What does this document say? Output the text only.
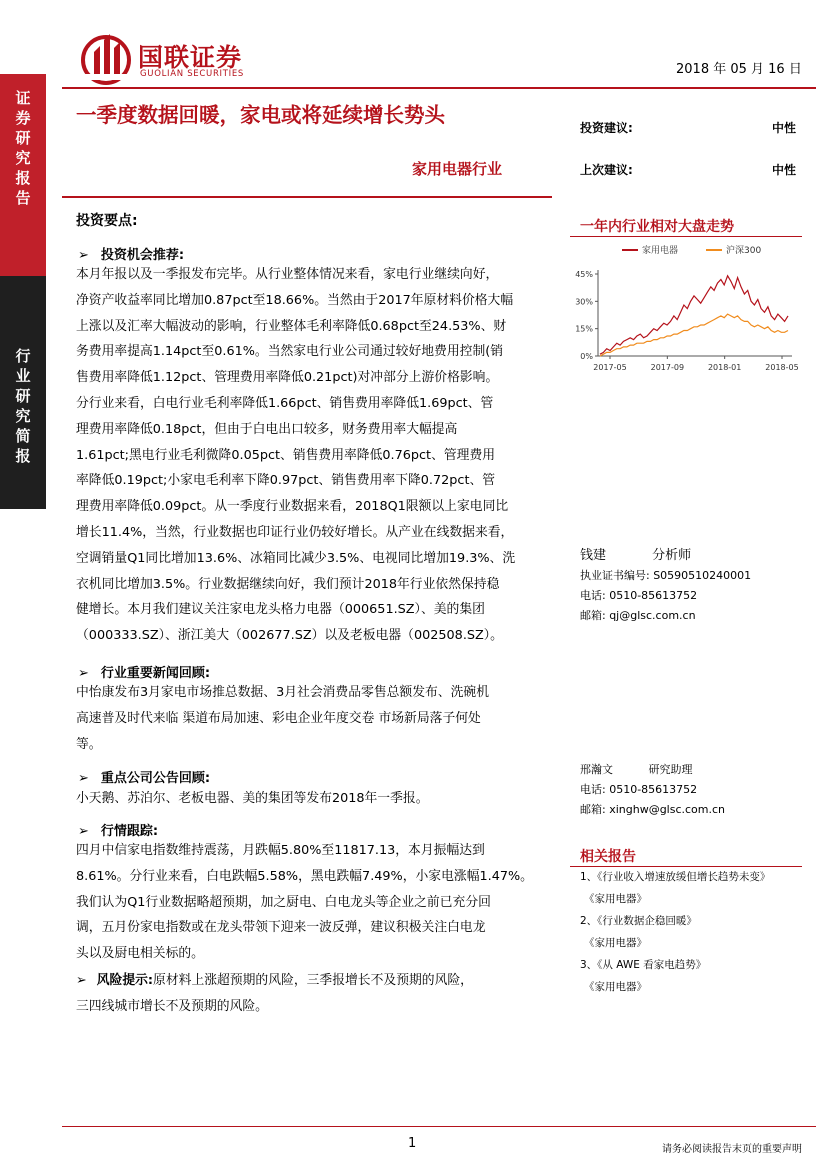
证券研究报告
行业研究简报
国联证券
GUOLIAN SECURITIES	2018 年 05 月 16 日
一季度数据回暖，家电或将延续增长势头
家用电器行业
投资建议:	中性
上次建议:	中性
投资要点:
➢ 投资机会推荐:
本月年报以及一季报发布完毕。从行业整体情况来看，家电行业继续向好，
净资产收益率同比增加0.87pct至18.66%。当然由于2017年原材料价格大幅
上涨以及汇率大幅波动的影响，行业整体毛利率降低0.68pct至24.53%、财
务费用率提高1.14pct至0.61%。当然家电行业公司通过较好地费用控制(销
售费用率降低1.12pct、管理费用率降低0.21pct)对冲部分上游价格影响。
分行业来看，白电行业毛利率降低1.66pct、销售费用率降低1.69pct、管
理费用率降低0.18pct，但由于白电出口较多，财务费用率大幅提高
1.61pct;黑电行业毛利微降0.05pct、销售费用率降低0.76pct、管理费用
率降低0.19pct;小家电毛利率下降0.97pct、销售费用率下降0.72pct、管
理费用率降低0.09pct。从一季度行业数据来看，2018Q1限额以上家电同比
增长11.4%，当然，行业数据也印证行业仍较好增长。从产业在线数据来看，
空调销量Q1同比增加13.6%、冰箱同比减少3.5%、电视同比增加19.3%、洗
衣机同比增加3.5%。行业数据继续向好，我们预计2018年行业依然保持稳
健增长。本月我们建议关注家电龙头格力电器（000651.SZ）、美的集团
（000333.SZ）、浙江美大（002677.SZ）以及老板电器（002508.SZ）。
➢ 行业重要新闻回顾:
中怡康发布3月家电市场推总数据、3月社会消费品零售总额发布、洗碗机
高速普及时代来临 渠道布局加速、彩电企业年度交卷 市场新局落子何处
等。
➢ 重点公司公告回顾:
小天鹅、苏泊尔、老板电器、美的集团等发布2018年一季报。
➢ 行情跟踪:
四月中信家电指数维持震荡，月跌幅5.80%至11817.13，本月振幅达到
8.61%。分行业来看，白电跌幅5.58%，黑电跌幅7.49%，小家电涨幅1.47%。
我们认为Q1行业数据略超预期，加之厨电、白电龙头等企业之前已充分回
调，五月份家电指数或在龙头带领下迎来一波反弹，建议积极关注白电龙
头以及厨电相关标的。
➢ 风险提示:原材料上涨超预期的风险，三季报增长不及预期的风险，
三四线城市增长不及预期的风险。
一年内行业相对大盘走势
家用电器	沪深300
45%
30%
15%
0%
2017-05	2017-09	2018-01	2018-05
钱建	分析师
执业证书编号: S0590510240001
电话: 0510-85613752
邮箱: qj@glsc.com.cn
邢瀚文	研究助理
电话: 0510-85613752
邮箱: xinghw@glsc.com.cn
相关报告
1、《行业收入增速放缓但增长趋势未变》
《家用电器》
2、《行业数据企稳回暖》
《家用电器》
3、《从 AWE 看家电趋势》
《家用电器》
1	请务必阅读报告末页的重要声明
